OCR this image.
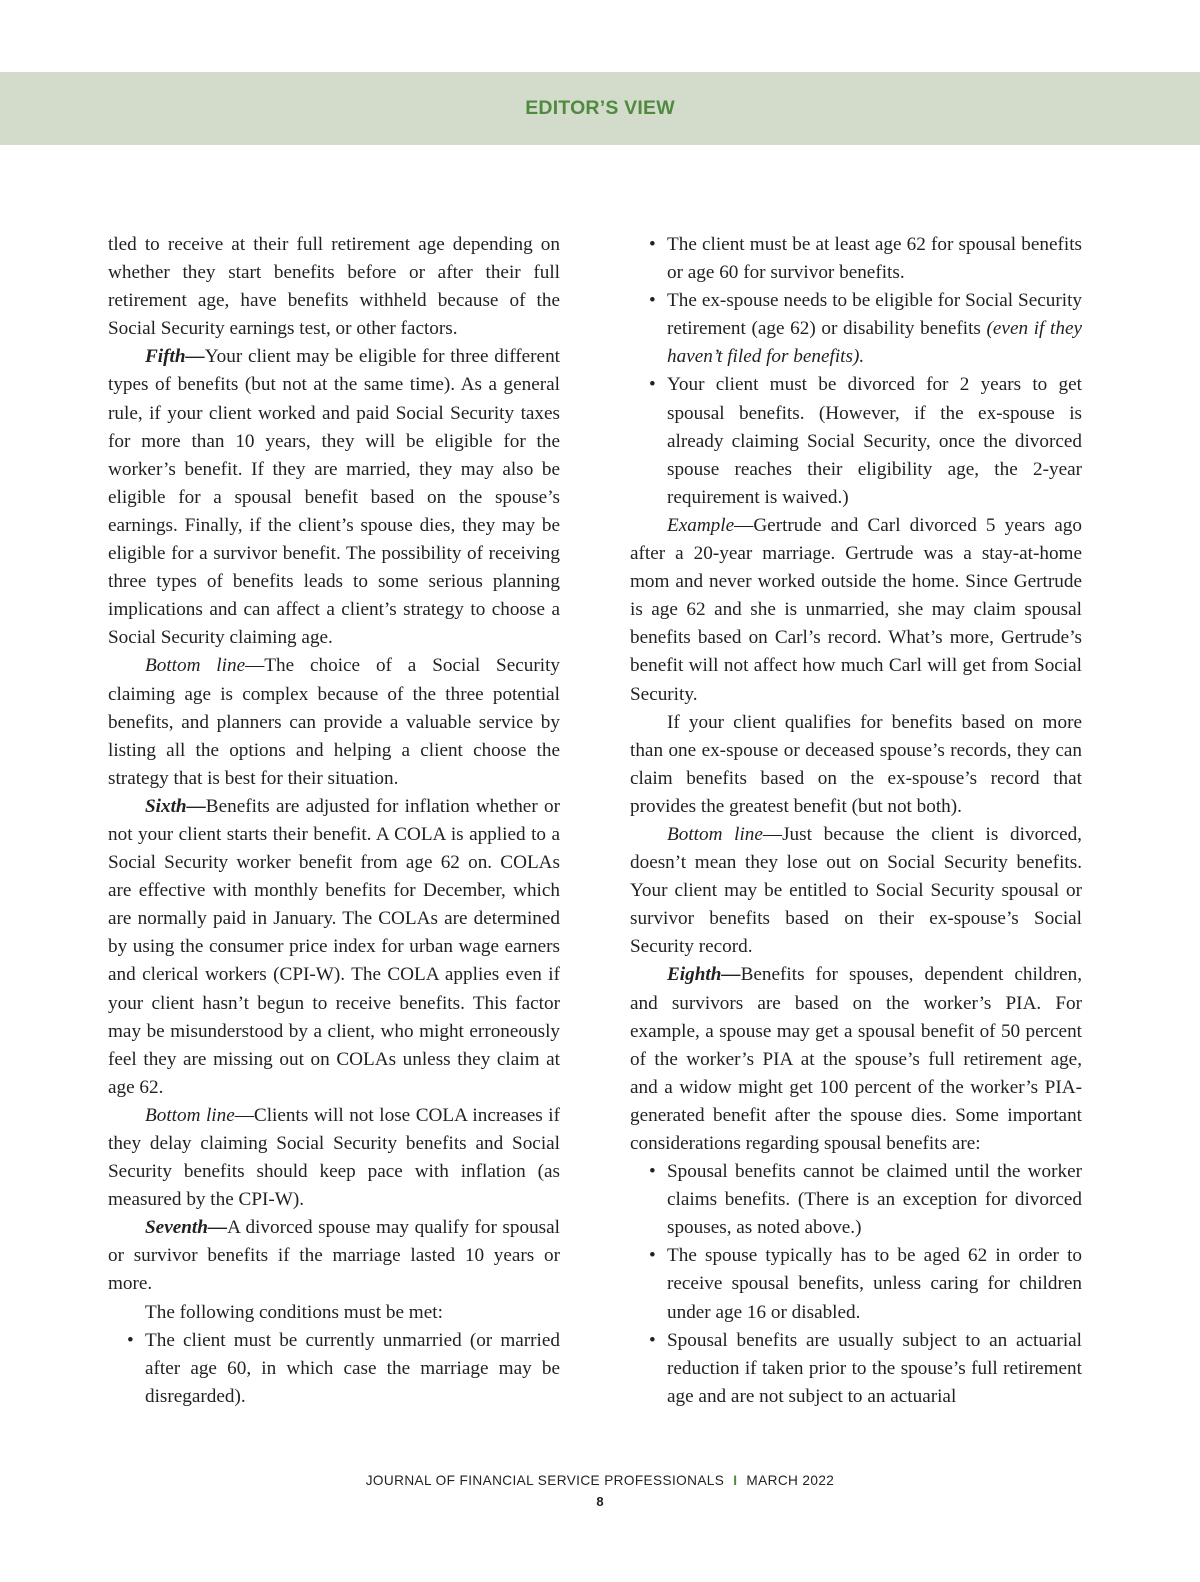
EDITOR’S VIEW

tled to receive at their full retirement age depending on whether they start benefits before or after their full retirement age, have benefits withheld because of the Social Security earnings test, or other factors.

Fifth—Your client may be eligible for three different types of benefits (but not at the same time). As a general rule, if your client worked and paid Social Security taxes for more than 10 years, they will be eligible for the worker’s benefit. If they are married, they may also be eligible for a spousal benefit based on the spouse’s earnings. Finally, if the client’s spouse dies, they may be eligible for a survivor benefit. The possibility of receiving three types of benefits leads to some serious planning implications and can affect a client’s strategy to choose a Social Security claiming age.

Bottom line—The choice of a Social Security claiming age is complex because of the three potential benefits, and planners can provide a valuable service by listing all the options and helping a client choose the strategy that is best for their situation.

Sixth—Benefits are adjusted for inflation whether or not your client starts their benefit. A COLA is applied to a Social Security worker benefit from age 62 on. COLAs are effective with monthly benefits for December, which are normally paid in January. The COLAs are determined by using the consumer price index for urban wage earners and clerical workers (CPI-W). The COLA applies even if your client hasn’t begun to receive benefits. This factor may be misunderstood by a client, who might erroneously feel they are missing out on COLAs unless they claim at age 62.

Bottom line—Clients will not lose COLA increases if they delay claiming Social Security benefits and Social Security benefits should keep pace with inflation (as measured by the CPI-W).

Seventh—A divorced spouse may qualify for spousal or survivor benefits if the marriage lasted 10 years or more.

The following conditions must be met:

• The client must be currently unmarried (or married after age 60, in which case the marriage may be disregarded).
• The client must be at least age 62 for spousal benefits or age 60 for survivor benefits.
• The ex-spouse needs to be eligible for Social Security retirement (age 62) or disability benefits (even if they haven’t filed for benefits).
• Your client must be divorced for 2 years to get spousal benefits. (However, if the ex-spouse is already claiming Social Security, once the divorced spouse reaches their eligibility age, the 2-year requirement is waived.)

Example—Gertrude and Carl divorced 5 years ago after a 20-year marriage. Gertrude was a stay-at-home mom and never worked outside the home. Since Gertrude is age 62 and she is unmarried, she may claim spousal benefits based on Carl’s record. What’s more, Gertrude’s benefit will not affect how much Carl will get from Social Security.

If your client qualifies for benefits based on more than one ex-spouse or deceased spouse’s records, they can claim benefits based on the ex-spouse’s record that provides the greatest benefit (but not both).

Bottom line—Just because the client is divorced, doesn’t mean they lose out on Social Security benefits. Your client may be entitled to Social Security spousal or survivor benefits based on their ex-spouse’s Social Security record.

Eighth—Benefits for spouses, dependent children, and survivors are based on the worker’s PIA. For example, a spouse may get a spousal benefit of 50 percent of the worker’s PIA at the spouse’s full retirement age, and a widow might get 100 percent of the worker’s PIA-generated benefit after the spouse dies. Some important considerations regarding spousal benefits are:

• Spousal benefits cannot be claimed until the worker claims benefits. (There is an exception for divorced spouses, as noted above.)
• The spouse typically has to be aged 62 in order to receive spousal benefits, unless caring for children under age 16 or disabled.
• Spousal benefits are usually subject to an actuarial reduction if taken prior to the spouse’s full retirement age and are not subject to an actuarial
JOURNAL OF FINANCIAL SERVICE PROFESSIONALS I MARCH 2022
8
